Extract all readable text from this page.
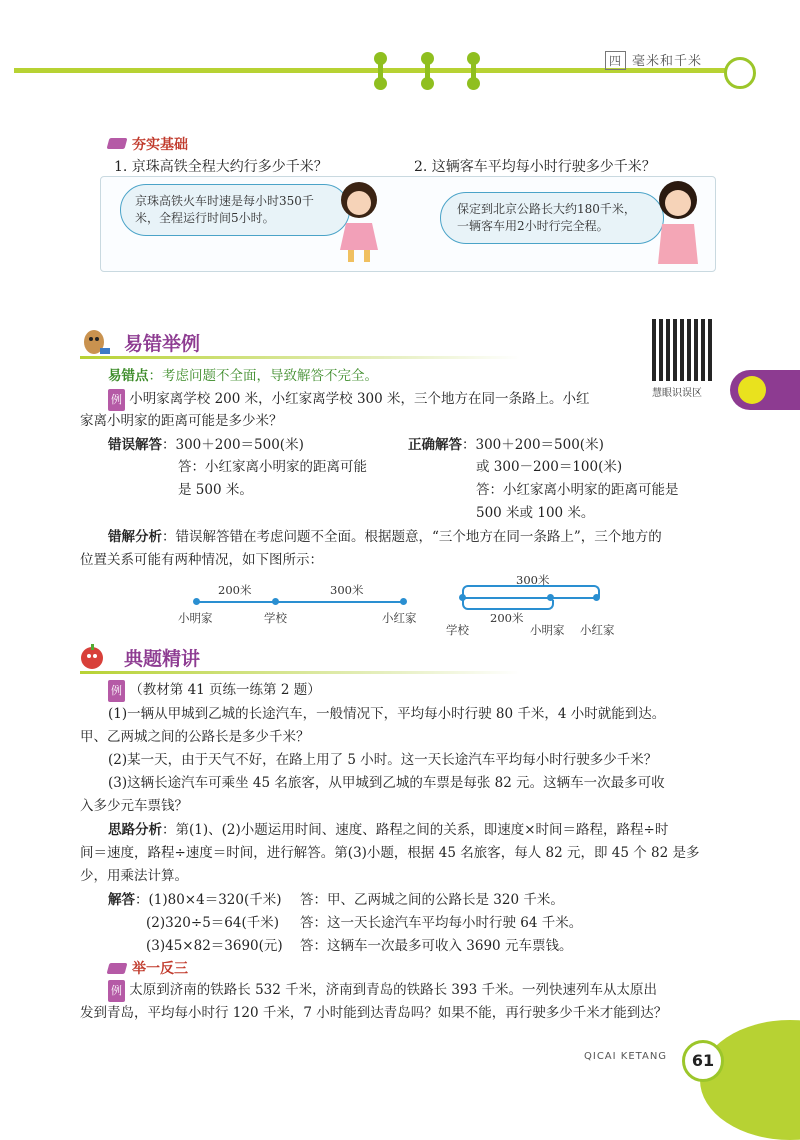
四 毫米和千米
夯实基础
1. 京珠高铁全程大约行多少千米？
京珠高铁火车时速是每小时350千米，全程运行时间5小时。
2. 这辆客车平均每小时行驶多少千米？
保定到北京公路长大约180千米，一辆客车用2小时行完全程。
易错举例
慧眼识误区
易错点：考虑问题不全面，导致解答不完全。
例 小明家离学校 200 米，小红家离学校 300 米，三个地方在同一条路上。小红
家离小明家的距离可能是多少米？
错误解答：300＋200＝500(米)
答：小红家离小明家的距离可能
是 500 米。
正确解答：300＋200＝500(米)
或 300－200＝100(米)
答：小红家离小明家的距离可能是
500 米或 100 米。
错解分析：错误解答错在考虑问题不全面。根据题意，“三个地方在同一条路上”，三个地方的
位置关系可能有两种情况，如下图所示：
200米	300米
小明家	学校	小红家
300米
200米
学校	小明家 小红家
典题精讲
例 （教材第 41 页练一练第 2 题）
(1)一辆从甲城到乙城的长途汽车，一般情况下，平均每小时行驶 80 千米，4 小时就能到达。
甲、乙两城之间的公路长是多少千米？
(2)某一天，由于天气不好，在路上用了 5 小时。这一天长途汽车平均每小时行驶多少千米？
(3)这辆长途汽车可乘坐 45 名旅客，从甲城到乙城的车票是每张 82 元。这辆车一次最多可收
入多少元车票钱？
思路分析：第(1)、(2)小题运用时间、速度、路程之间的关系，即速度×时间＝路程，路程÷时
间＝速度，路程÷速度＝时间，进行解答。第(3)小题，根据 45 名旅客，每人 82 元，即 45 个 82 是多
少，用乘法计算。
解答：(1)80×4＝320(千米) 答：甲、乙两城之间的公路长是 320 千米。
(2)320÷5＝64(千米) 答：这一天长途汽车平均每小时行驶 64 千米。
(3)45×82＝3690(元) 答：这辆车一次最多可收入 3690 元车票钱。
举一反三
例 太原到济南的铁路长 532 千米，济南到青岛的铁路长 393 千米。一列快速列车从太原出
发到青岛，平均每小时行 120 千米，7 小时能到达青岛吗？如果不能，再行驶多少千米才能到达？
QICAI KETANG	61
